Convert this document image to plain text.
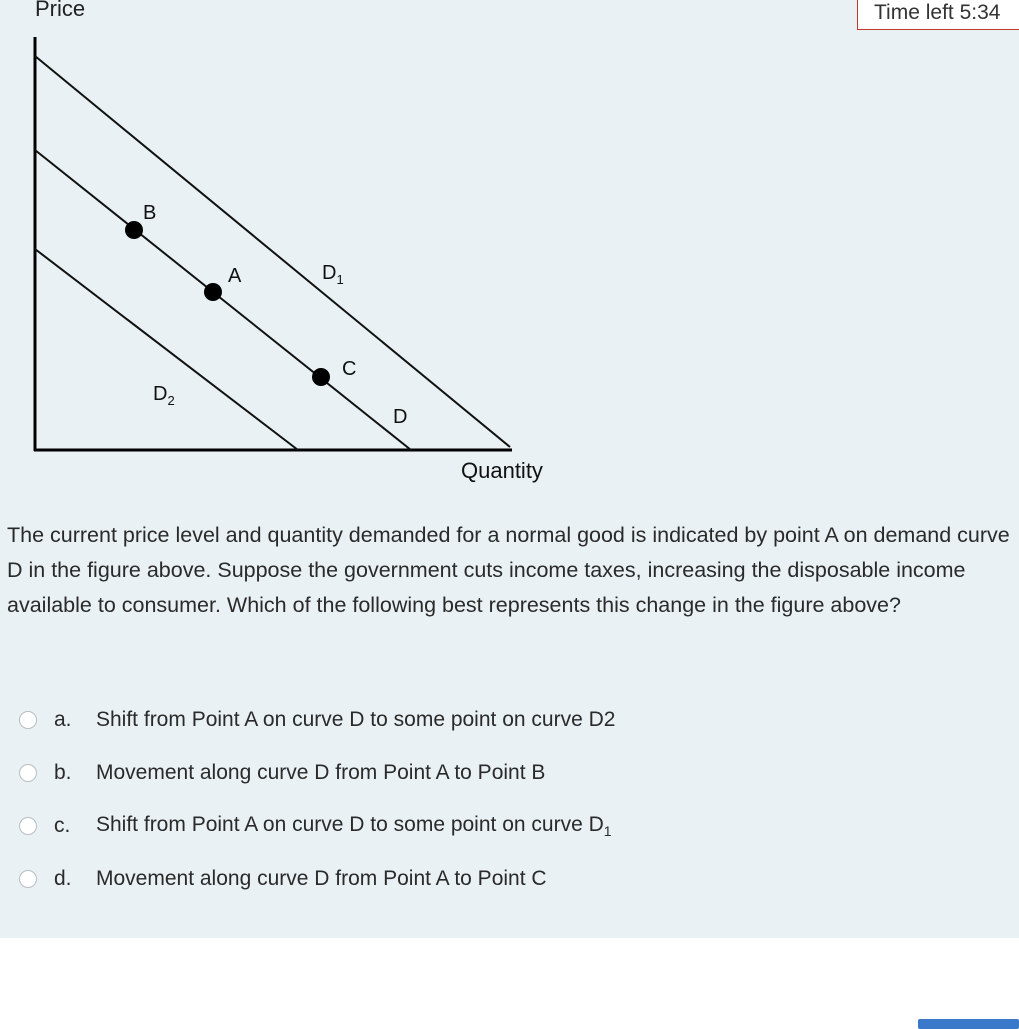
Price
Quantity
B
A
C
$D_1$
D
$D_2$
Time left 5:34

The current price level and quantity demanded for a normal good is indicated by point A on demand curve D in the figure above. Suppose the government cuts income taxes, increasing the disposable income available to consumer. Which of the following best represents this change in the figure above?

a. Shift from Point A on curve D to some point on curve D2
b. Movement along curve D from Point A to Point B
c. Shift from Point A on curve D to some point on curve $D_1$
d. Movement along curve D from Point A to Point C
